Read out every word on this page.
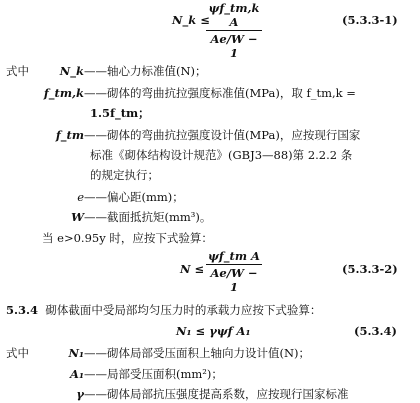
N_k ≤
ψf_tm,k A
Ae/W − 1
(5.3.3-1)
式中	N_k——轴心力标准值(N)；
f_tm,k——砌体的弯曲抗拉强度标准值(MPa)，取 f_tm,k =
1.5f_tm；
f_tm——砌体的弯曲抗拉强度设计值(MPa)，应按现行国家
标准《砌体结构设计规范》(GBJ3—88)第 2.2.2 条
的规定执行；
e——偏心距(mm)；
W——截面抵抗矩(mm³)。
当 e>0.95y 时，应按下式验算：
N ≤
ψf_tm A
Ae/W − 1
(5.3.3-2)
5.3.4 砌体截面中受局部均匀压力时的承载力应按下式验算：
N₁ ≤ γψf A₁	(5.3.4)
式中	N₁——砌体局部受压面积上轴向力设计值(N)；
A₁——局部受压面积(mm²)；
γ——砌体局部抗压强度提高系数，应按现行国家标准
